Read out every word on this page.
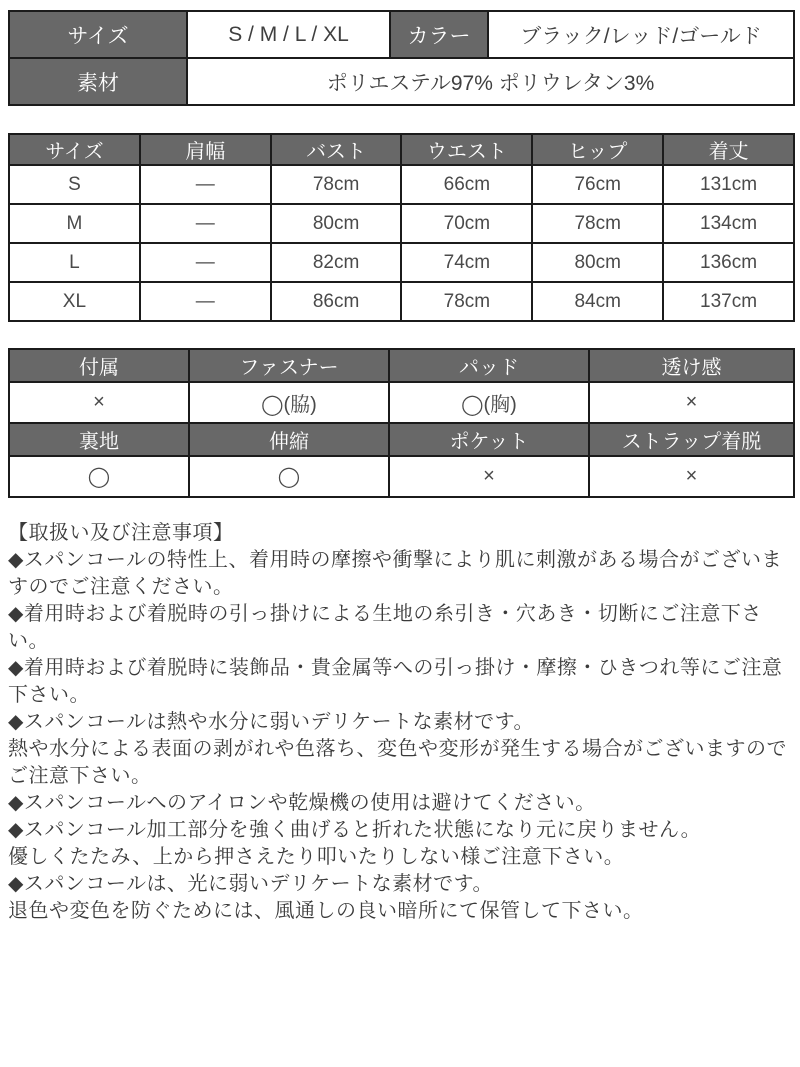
サイズ	S / M / L / XL	カラー	ブラック/レッド/ゴールド
素材	ポリエステル97% ポリウレタン3%		
サイズ	肩幅	バスト	ウエスト	ヒップ	着丈
S	—	78cm	66cm	76cm	131cm
M	—	80cm	70cm	78cm	134cm
L	—	82cm	74cm	80cm	136cm
XL	—	86cm	78cm	84cm	137cm
付属	ファスナー	パッド	透け感
×	◯(脇)	◯(胸)	×
裏地	伸縮	ポケット	ストラップ着脱
◯	◯	×	×

【取扱い及び注意事項】

◆スパンコールの特性上、着用時の摩擦や衝撃により肌に刺激がある場合がございますのでご注意ください。

◆着用時および着脱時の引っ掛けによる生地の糸引き・穴あき・切断にご注意下さい。

◆着用時および着脱時に装飾品・貴金属等への引っ掛け・摩擦・ひきつれ等にご注意下さい。

◆スパンコールは熱や水分に弱いデリケートな素材です。

熱や水分による表面の剥がれや色落ち、変色や変形が発生する場合がございますのでご注意下さい。

◆スパンコールへのアイロンや乾燥機の使用は避けてください。

◆スパンコール加工部分を強く曲げると折れた状態になり元に戻りません。

優しくたたみ、上から押さえたり叩いたりしない様ご注意下さい。

◆スパンコールは、光に弱いデリケートな素材です。

退色や変色を防ぐためには、風通しの良い暗所にて保管して下さい。
